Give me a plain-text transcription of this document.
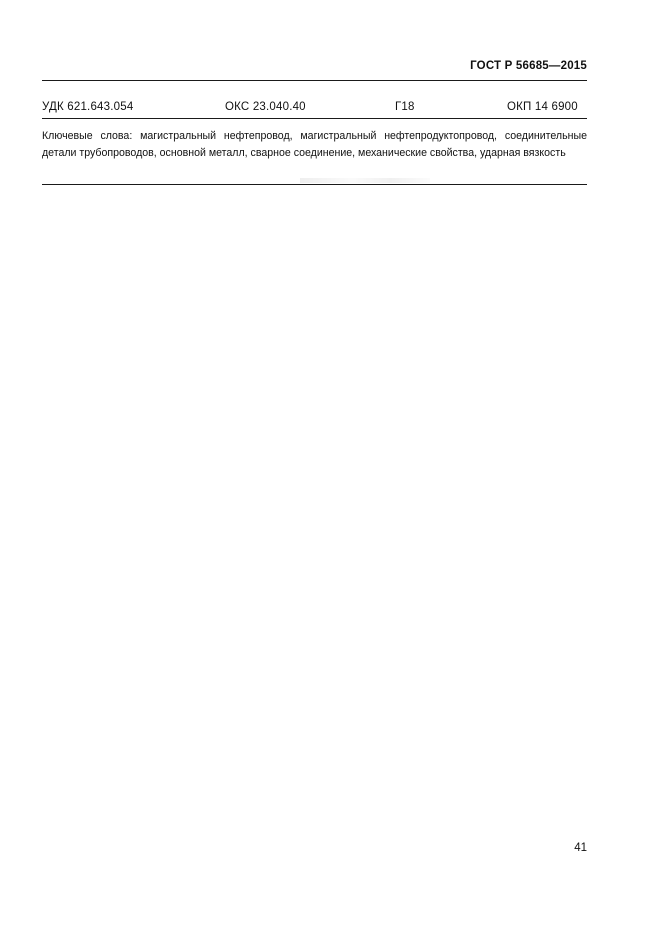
ГОСТ Р 56685—2015
УДК 621.643.054	ОКС 23.040.40	Г18	ОКП 14 6900
Ключевые слова: магистральный нефтепровод, магистральный нефтепродуктопровод, соединительные детали трубопроводов, основной металл, сварное соединение, механические свойства, ударная вязкость
41
